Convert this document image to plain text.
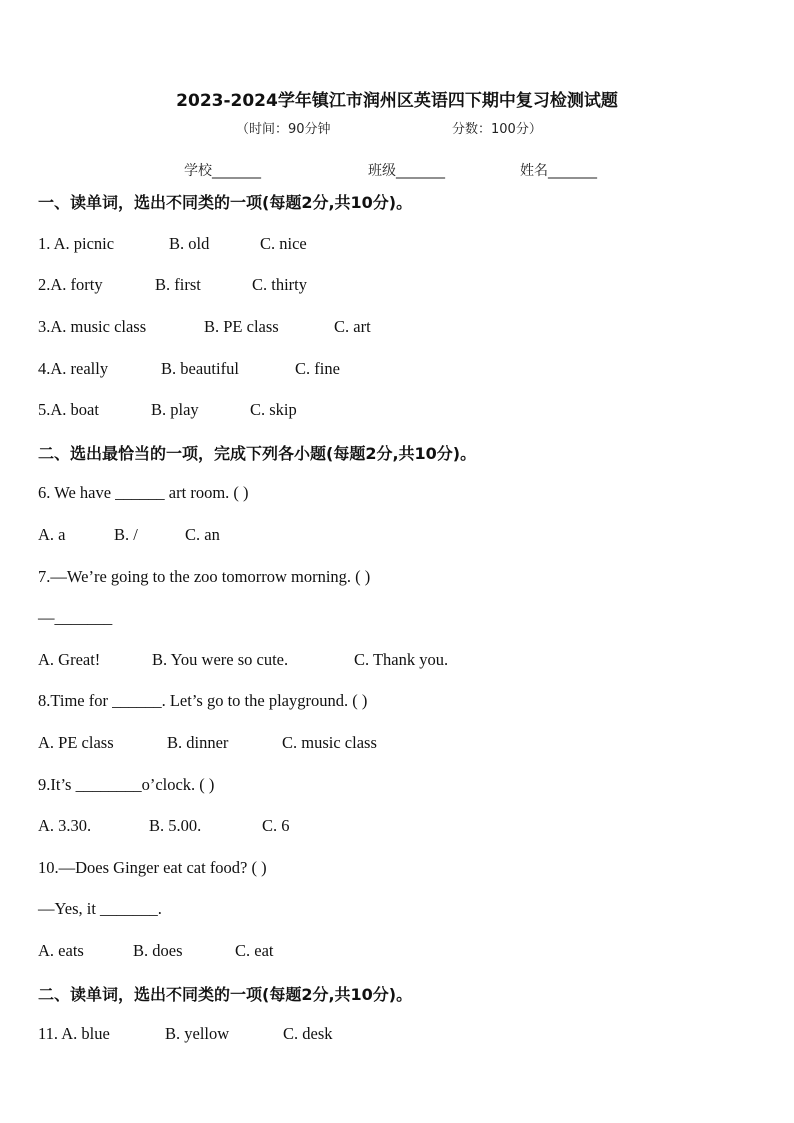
2023-2024学年镇江市润州区英语四下期中复习检测试题
（时间：90分钟	分数：100分）
学校_______	班级_______	姓名_______
一、读单词，选出不同类的一项(每题2分,共10分)。
1. A. picnic	B. old	C. nice
2.A. forty	B. first	C. thirty
3.A. music class	B. PE class	C. art
4.A. really	B. beautiful	C. fine
5.A. boat	B. play	C. skip
二、选出最恰当的一项，完成下列各小题(每题2分,共10分)。
6. We have ______ art room. ( )
A. a	B. /	C. an
7.—We’re going to the zoo tomorrow morning. ( )
—_______
A. Great!	B. You were so cute.	C. Thank you.
8.Time for ______. Let’s go to the playground. ( )
A. PE class	B. dinner	C. music class
9.It’s ________o’clock. ( )
A. 3.30.	B. 5.00.	C. 6
10.—Does Ginger eat cat food? ( )
—Yes, it _______.
A. eats	B. does	C. eat
二、读单词，选出不同类的一项(每题2分,共10分)。
11. A. blue	B. yellow	C. desk
